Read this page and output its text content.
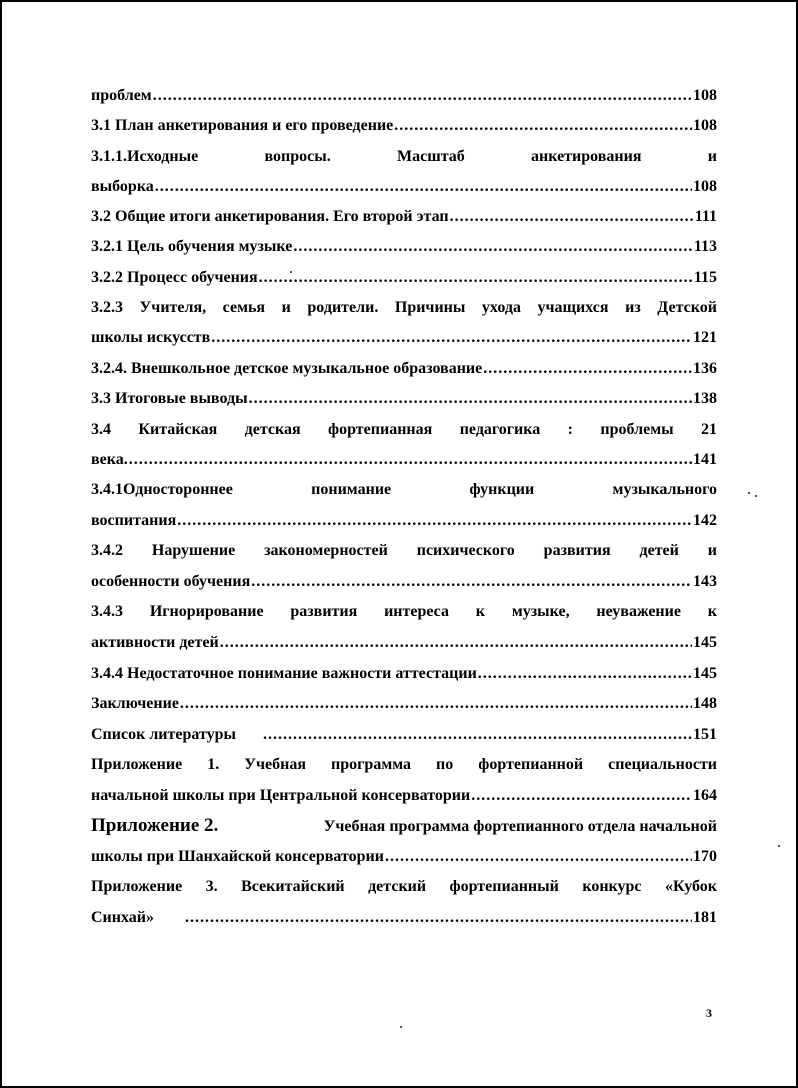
проблем .....	108
3.1 План анкетирования и его проведение .....	108
3.1.1.Исходные вопросы. Масштаб анкетирования и
выборка .....	108
3.2 Общие итоги анкетирования. Его второй этап .....	111
3.2.1 Цель обучения музыке .....	113
3.2.2 Процесс обучения .....	115
3.2.3 Учителя, семья и родители. Причины ухода учащихся из Детской
школы искусств .....	121
3.2.4. Внешкольное детское музыкальное образование .....	136
3.3 Итоговые выводы .....	138
3.4 Китайская детская фортепианная педагогика : проблемы 21
века. .....	141
3.4.1Одностороннее понимание функции музыкального
воспитания .....	142
3.4.2 Нарушение закономерностей психического развития детей и
особенности обучения .....	143
3.4.3 Игнорирование развития интереса к музыке, неуважение к
активности детей .....	145
3.4.4 Недостаточное понимание важности аттестации .....	145
Заключение .....	148
Список литературы .....	151
Приложение 1. Учебная программа по фортепианной специальности
начальной школы при Центральной консерватории .....	164
Приложение 2.	Учебная программа фортепианного отдела начальной
школы при Шанхайской консерватории .....	170
Приложение 3. Всекитайский детский фортепианный конкурс «Кубок
Синхай» .....	181
3
